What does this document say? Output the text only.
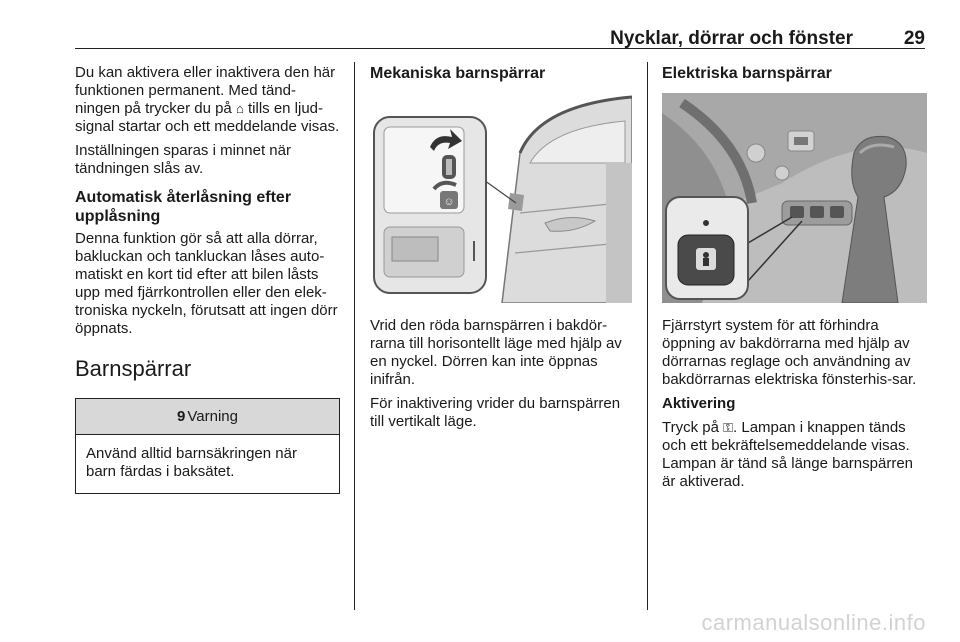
Nycklar, dörrar och fönster	29

Du kan aktivera eller inaktivera den här funktionen permanent. Med tänd-ningen på trycker du på ⌂ tills en ljud-signal startar och ett meddelande visas.

Inställningen sparas i minnet när tändningen slås av.

Automatisk återlåsning efter upplåsning

Denna funktion gör så att alla dörrar, bakluckan och tankluckan låses auto-matiskt en kort tid efter att bilen låsts upp med fjärrkontrollen eller den elek-troniska nyckeln, förutsatt att ingen dörr öppnats.

Barnspärrar
9 Varning
Använd alltid barnsäkringen när barn färdas i baksätet.
Mekaniska barnspärrar
☺

Vrid den röda barnspärren i bakdör-rarna till horisontellt läge med hjälp av en nyckel. Dörren kan inte öppnas inifrån.

För inaktivering vrider du barnspärren till vertikalt läge.

Elektriska barnspärrar

Fjärrstyrt system för att förhindra öppning av bakdörrarna med hjälp av dörrarnas reglage och användning av bakdörrarnas elektriska fönsterhis-sar.

Aktivering

Tryck på ⚿. Lampan i knappen tänds och ett bekräftelsemeddelande visas. Lampan är tänd så länge barnspärren är aktiverad.

carmanualsonline.info
